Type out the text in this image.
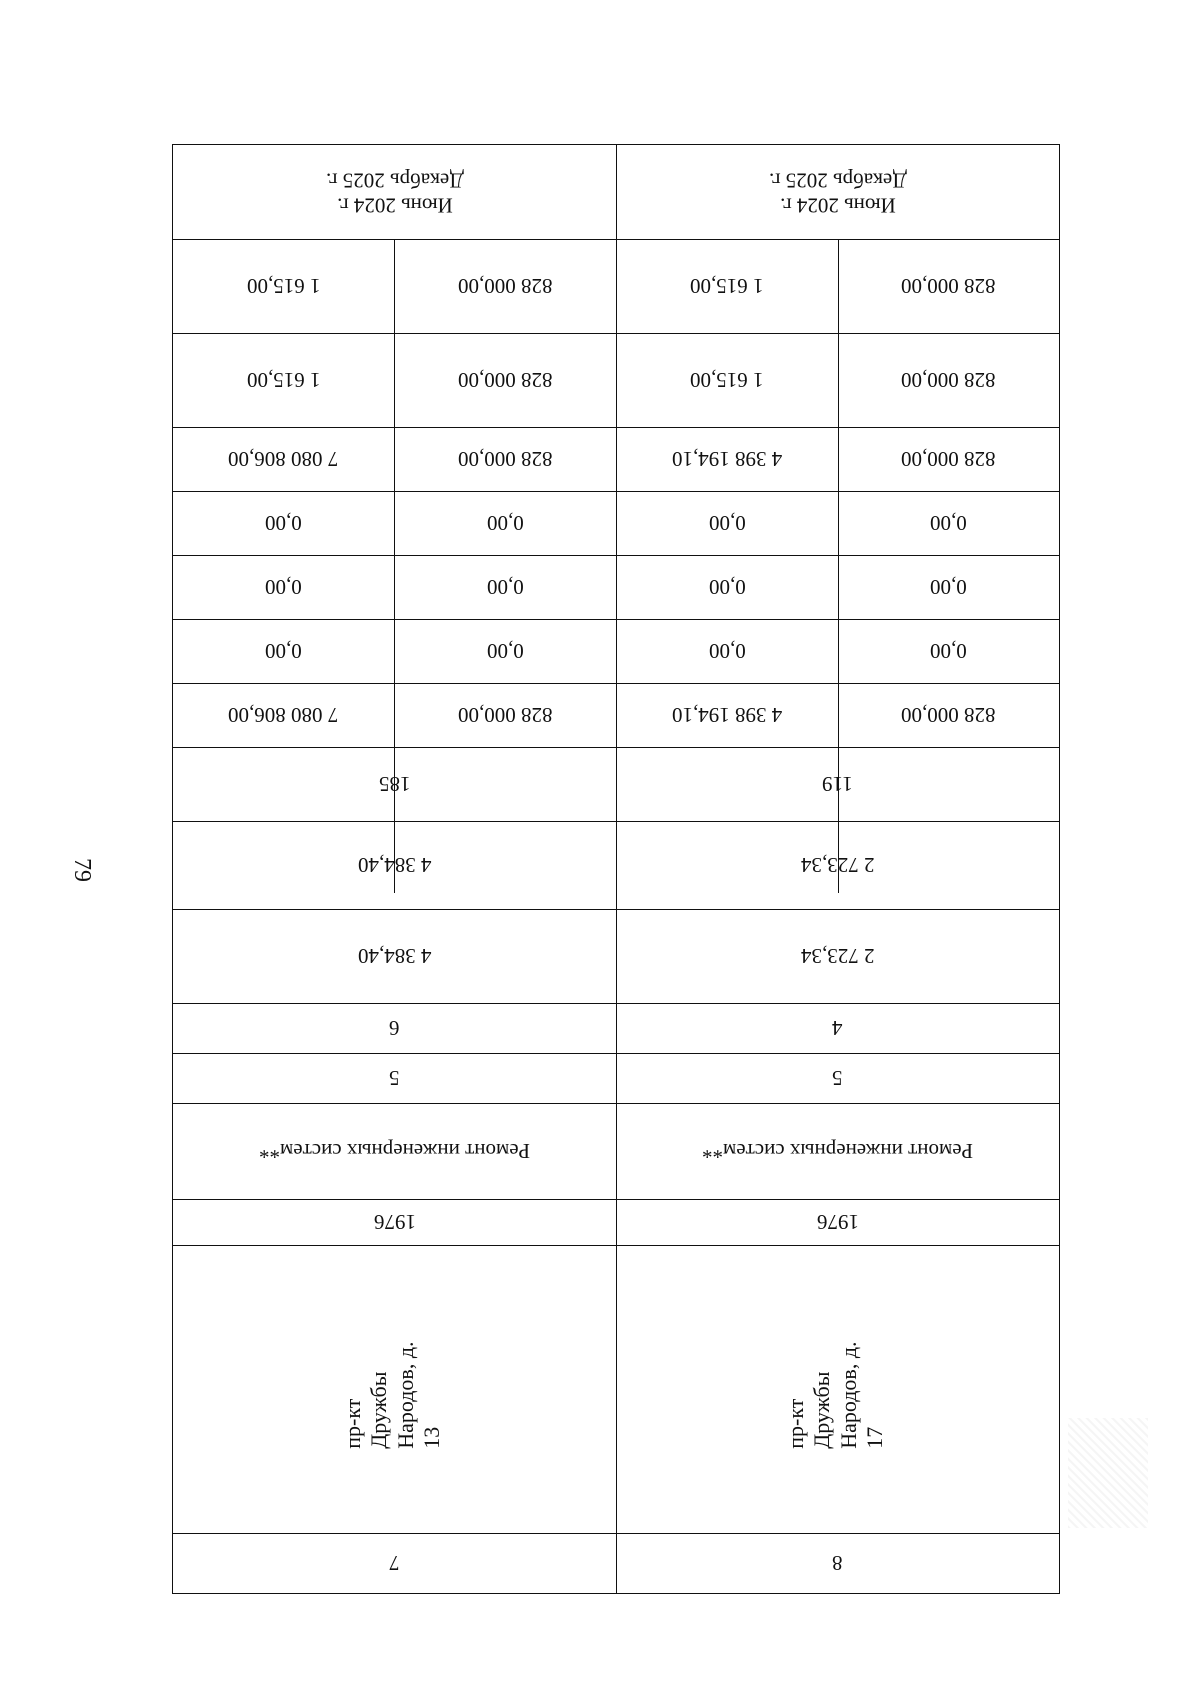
79
Июнь 2024 г.
Декабрь 2025 г.
1 615,00	828 000,00
1 615,00	828 000,00
7 080 806,00	828 000,00
0,00	0,00
0,00	0,00
0,00	0,00
7 080 806,00	828 000,00
185
4 384,40
4 384,40
6
5
Ремонт инженерных систем**
1976
пр-кт Дружбы Народов, д. 13
7
Июнь 2024 г.
Декабрь 2025 г.
1 615,00	828 000,00
1 615,00	828 000,00
4 398 194,10	828 000,00
0,00	0,00
0,00	0,00
0,00	0,00
4 398 194,10	828 000,00
119
2 723,34
2 723,34
4
5
Ремонт инженерных систем**
1976
пр-кт Дружбы Народов, д. 17
8
